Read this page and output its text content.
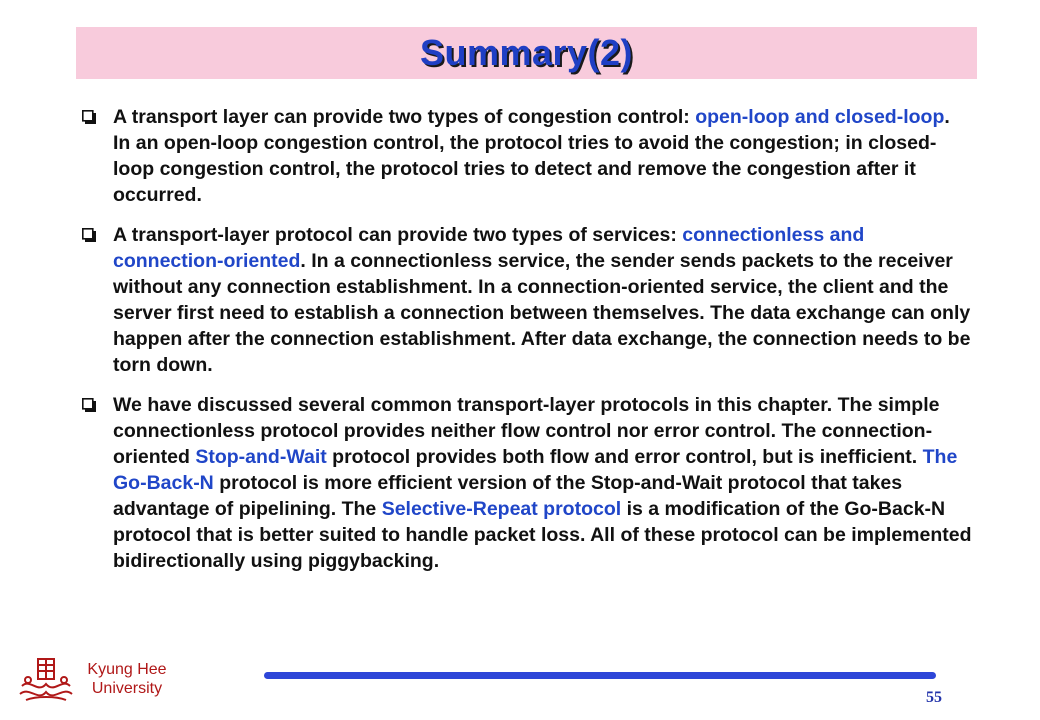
Summary(2)
A transport layer can provide two types of congestion control: open-loop and closed-loop. In an open-loop congestion control, the protocol tries to avoid the congestion; in closed-loop congestion control, the protocol tries to detect and remove the congestion after it occurred.
A transport-layer protocol can provide two types of services: connectionless and connection-oriented. In a connectionless service, the sender sends packets to the receiver without any connection establishment. In a connection-oriented service, the client and the server first need to establish a connection between themselves. The data exchange can only happen after the connection establishment. After data exchange, the connection needs to be torn down.
We have discussed several common transport-layer protocols in this chapter. The simple connectionless protocol provides neither flow control nor error control. The connection-oriented Stop-and-Wait protocol provides both flow and error control, but is inefficient. The Go-Back-N protocol is more efficient version of the Stop-and-Wait protocol that takes advantage of pipelining. The Selective-Repeat protocol is a modification of the Go-Back-N protocol that is better suited to handle packet loss. All of these protocol can be implemented bidirectionally using piggybacking.
Kyung Hee
University
55
